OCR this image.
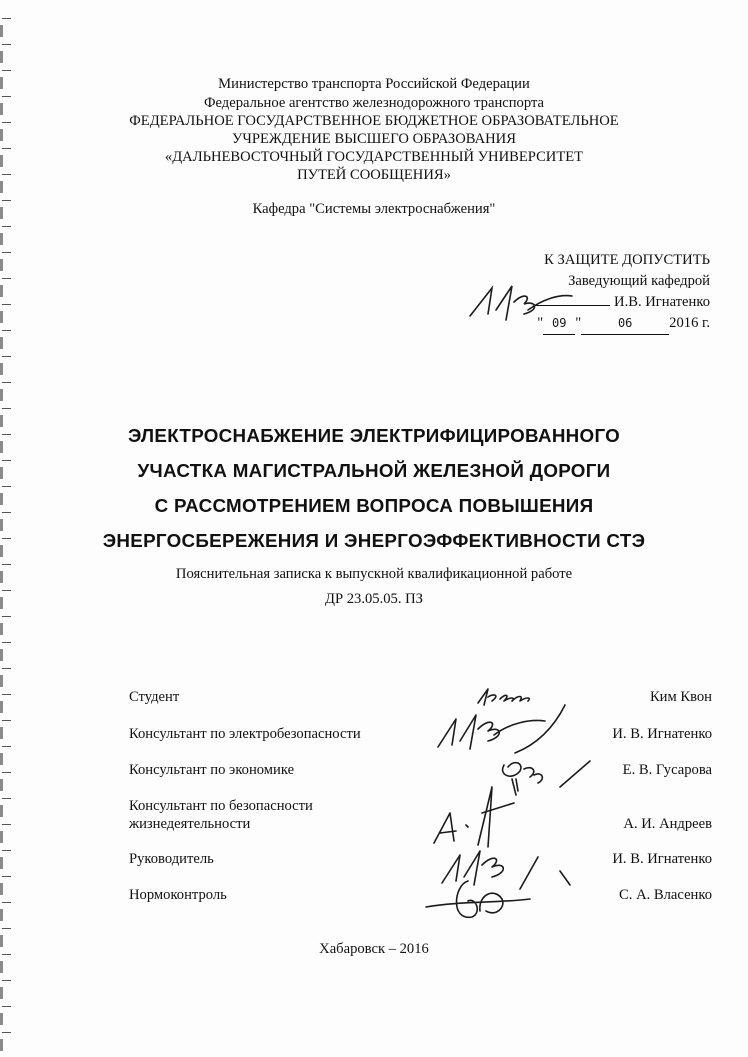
Министерство транспорта Российской Федерации
Федеральное агентство железнодорожного транспорта
ФЕДЕРАЛЬНОЕ ГОСУДАРСТВЕННОЕ БЮДЖЕТНОЕ ОБРАЗОВАТЕЛЬНОЕ
УЧРЕЖДЕНИЕ ВЫСШЕГО ОБРАЗОВАНИЯ
«ДАЛЬНЕВОСТОЧНЫЙ ГОСУДАРСТВЕННЫЙ УНИВЕРСИТЕТ
ПУТЕЙ СООБЩЕНИЯ»
Кафедра "Системы электроснабжения"
К ЗАЩИТЕ ДОПУСТИТЬ
Заведующий кафедрой
И.В. Игнатенко
" 09 "	06	2016 г.
ЭЛЕКТРОСНАБЖЕНИЕ ЭЛЕКТРИФИЦИРОВАННОГО
УЧАСТКА МАГИСТРАЛЬНОЙ ЖЕЛЕЗНОЙ ДОРОГИ
С РАССМОТРЕНИЕМ ВОПРОСА ПОВЫШЕНИЯ
ЭНЕРГОСБЕРЕЖЕНИЯ И ЭНЕРГОЭФФЕКТИВНОСТИ СТЭ
Пояснительная записка к выпускной квалификационной работе
ДР 23.05.05. ПЗ
Студент	Ким Квон
Консультант по электробезопасности	И. В. Игнатенко
Консультант по экономике	Е. В. Гусарова
Консультант по безопасности
жизнедеятельности	А. И. Андреев
Руководитель	И. В. Игнатенко
Нормоконтроль	С. А. Власенко
Хабаровск – 2016
